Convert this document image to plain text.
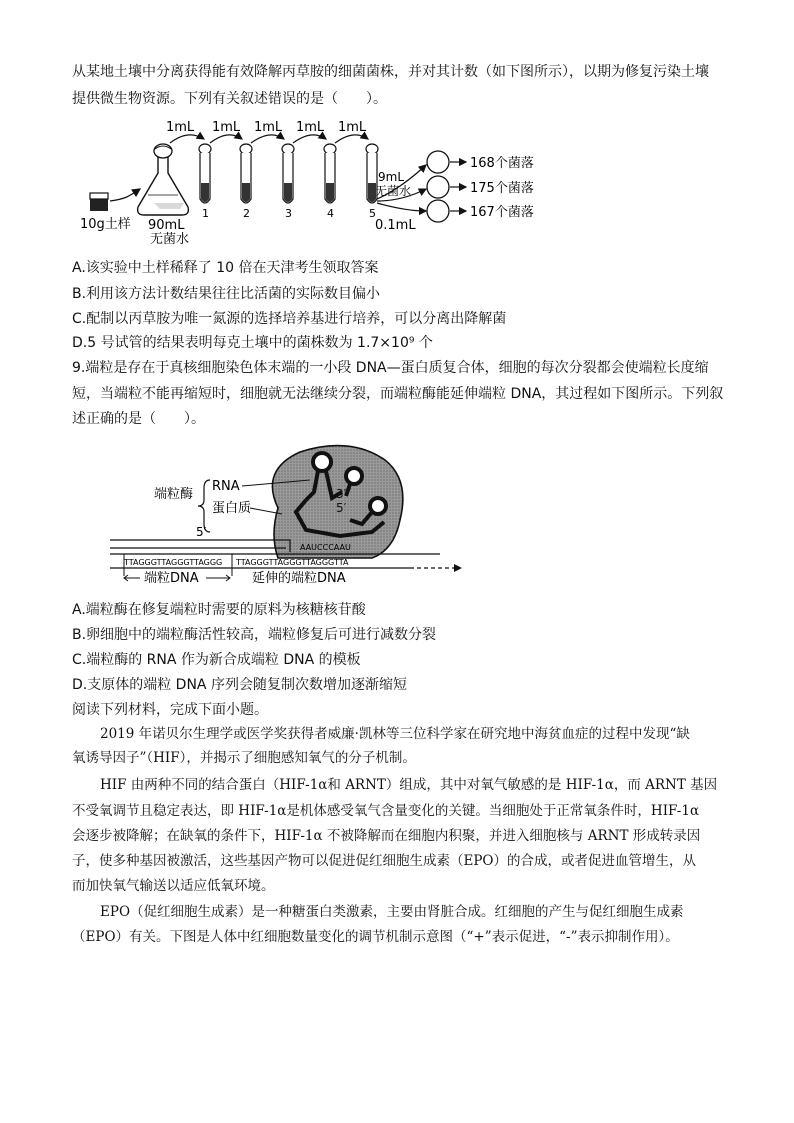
从某地土壤中分离获得能有效降解丙草胺的细菌菌株，并对其计数（如下图所示），以期为修复污染土壤
提供微生物资源。下列有关叙述错误的是（　　）。
10g土样 90mL
无菌水
1mL 1mL 1mL 1mL 1mL
1	2	3	4	5
9mL
无菌水
0.1mL
168个菌落
175个菌落
167个菌落
A.该实验中土样稀释了 10 倍在天津考生领取答案
B.利用该方法计数结果往往比活菌的实际数目偏小
C.配制以丙草胺为唯一氮源的选择培养基进行培养，可以分离出降解菌
D.5 号试管的结果表明每克土壤中的菌株数为 1.7×10⁹ 个
9.端粒是存在于真核细胞染色体末端的一小段 DNA—蛋白质复合体，细胞的每次分裂都会使端粒长度缩
短，当端粒不能再缩短时，细胞就无法继续分裂，而端粒酶能延伸端粒 DNA，其过程如下图所示。下列叙
述正确的是（　　）。
3′
5′
端粒酶
RNA
蛋白质
5′
AAUCCCAAU
TTAGGGTTAGGGTTAGGG TTAGGGTTAGGGTTAGGGTTA
端粒DNA	延伸的端粒DNA
A.端粒酶在修复端粒时需要的原料为核糖核苷酸
B.卵细胞中的端粒酶活性较高，端粒修复后可进行减数分裂
C.端粒酶的 RNA 作为新合成端粒 DNA 的模板
D.支原体的端粒 DNA 序列会随复制次数增加逐渐缩短
阅读下列材料，完成下面小题。
2019 年诺贝尔生理学或医学奖获得者威廉·凯林等三位科学家在研究地中海贫血症的过程中发现“缺
氧诱导因子”（HIF），并揭示了细胞感知氧气的分子机制。
HIF 由两种不同的结合蛋白（HIF-1α和 ARNT）组成，其中对氧气敏感的是 HIF-1α，而 ARNT 基因
不受氧调节且稳定表达，即 HIF-1α是机体感受氧气含量变化的关键。当细胞处于正常氧条件时，HIF-1α
会逐步被降解；在缺氧的条件下，HIF-1α 不被降解而在细胞内积聚，并进入细胞核与 ARNT 形成转录因
子，使多种基因被激活，这些基因产物可以促进促红细胞生成素（EPO）的合成，或者促进血管增生，从
而加快氧气输送以适应低氧环境。
EPO（促红细胞生成素）是一种糖蛋白类激素，主要由肾脏合成。红细胞的产生与促红细胞生成素
（EPO）有关。下图是人体中红细胞数量变化的调节机制示意图（“+”表示促进，“-”表示抑制作用）。
